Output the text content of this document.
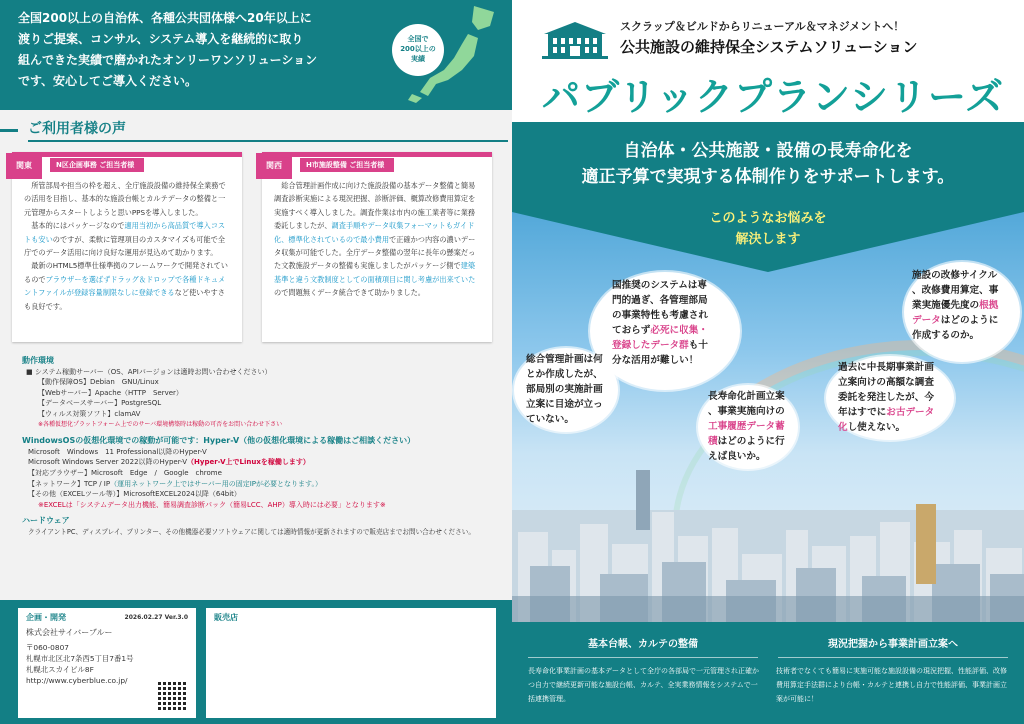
全国200以上の自治体、各種公共団体様へ20年以上に
渡りご提案、コンサル、システム導入を継続的に取り
組んできた実績で磨かれたオンリーワンソリューション
です、安心してご導入ください。
全国で
200以上の
実績
ご利用者様の声
関東	N区企画事務 ご担当者様
所管部局や担当の枠を超え、全庁施設設備の維持保全業務での活用を目指し、基本的な施設台帳とカルテデータの整備と一元管理からスタートしようと思いPPSを導入しました。
基本的にはパッケージなので適用当初から高品質で導入コストも安いのですが、柔軟に管理項目のカスタマイズも可能で全庁でのデータ活用に向け良好な運用が見込めて助かります。
最新のHTML5標準仕様準拠のフレームワークで開発されているのでブラウザーを選ばずドラッグ＆ドロップで各種ドキュメントファイルが登録容量制限なしに登録できるなど使いやすさも良好です。
関西	H市施設整備 ご担当者様
総合管理計画作成に向けた施設設備の基本データ整備と簡易調査診断実施による現況把握、診断評価、概算改修費用算定を実施すべく導入しました。調査作業は市内の施工業者等に業務委託しましたが、調査手順やデータ収集フォーマットもガイド化、標準化されているので最小費用で正確かつ内容の濃いデータ収集が可能でした。全庁データ整備の翌年に長年の懸案だった文教施設データの整備も実施しましたがパッケージ側で建築基準と違う文教制度としての面積項目に関し考慮が出来ていたので問題無くデータ統合できて助かりました。
動作環境
■ システム稼動サーバー（OS、APIバージョンは適時お問い合わせください）
【動作保障OS】Debian　GNU/Linux
【Webサーバー】Apache（HTTP　Server）
【データベースサーバー】PostgreSQL
【ウィルス対策ソフト】clamAV
※各種仮想化プラットフォーム上でのサーバ環境構築時は稼動の可否をお問い合わせ下さい
WindowsOSの仮想化環境での稼動が可能です：Hyper-V（他の仮想化環境による稼働はご相談ください）
Microsoft　Windows　11 Professional以降のHyper-V
Microsoft Windows Server 2022以降のHyper-V（Hyper-V上でLinuxを稼働します）
【対応ブラウザー】Microsoft　Edge　/　Google　chrome
【ネットワーク】TCP / IP（運用ネットワーク上ではサーバー用の固定IPが必要となります。）
【その他（EXCELツール等）】MicrosoftEXCEL2024以降（64bit）
※EXCELは「システムデータ出力機能、簡易調査診断パック（簡易LCC、AHP）導入時には必要」となります※
ハードウェア
クライアントPC、ディスプレイ、プリンター、その他機器必要ソフトウェアに関しては適時情報が更新されますので販売店までお問い合わせください。
企画・開発	2026.02.27 Ver.3.0
株式会社サイバーブルー
〒060-0807
札幌市北区北7条西5丁目7番1号
札幌北スカイビル8F
http://www.cyberblue.co.jp/
販売店
スクラップ＆ビルドからリニューアル＆マネジメントへ！
公共施設の維持保全システムソリューション
パブリックプランシリーズ
自治体・公共施設・設備の長寿命化を
適正予算で実現する体制作りをサポートします。
このようなお悩みを
解決します
国推奨のシステムは専
門的過ぎ、各管理部局
の事業特性も考慮され
ておらず必死に収集・
登録したデータ群も十
分な活用が難しい！
施設の改修サイクル
、改修費用算定、事
業実施優先度の根拠
データはどのように
作成するのか。
総合管理計画は何
とか作成したが、
部局別の実施計画
立案に目途が立っ
ていない。
長寿命化計画立案
、事業実施向けの
工事履歴データ蓄
積はどのように行
えば良いか。
過去に中長期事業計画
立案向けの高額な調査
委託を発注したが、今
年はすでにお古データ
化し使えない。
基本台帳、カルテの整備	現況把握から事業計画立案へ
長寿命化事業計画の基本データとして全庁の各部局で一元管理され正確かつ自力で継続更新可能な施設台帳、カルテ、全実業務情報をシステムで一括連携管理。
技術者でなくても簡易に実施可能な施設設備の現況把握、性能評価、改修費用算定手法群により台帳・カルテと連携し自力で性能評価、事業計画立案が可能に！
